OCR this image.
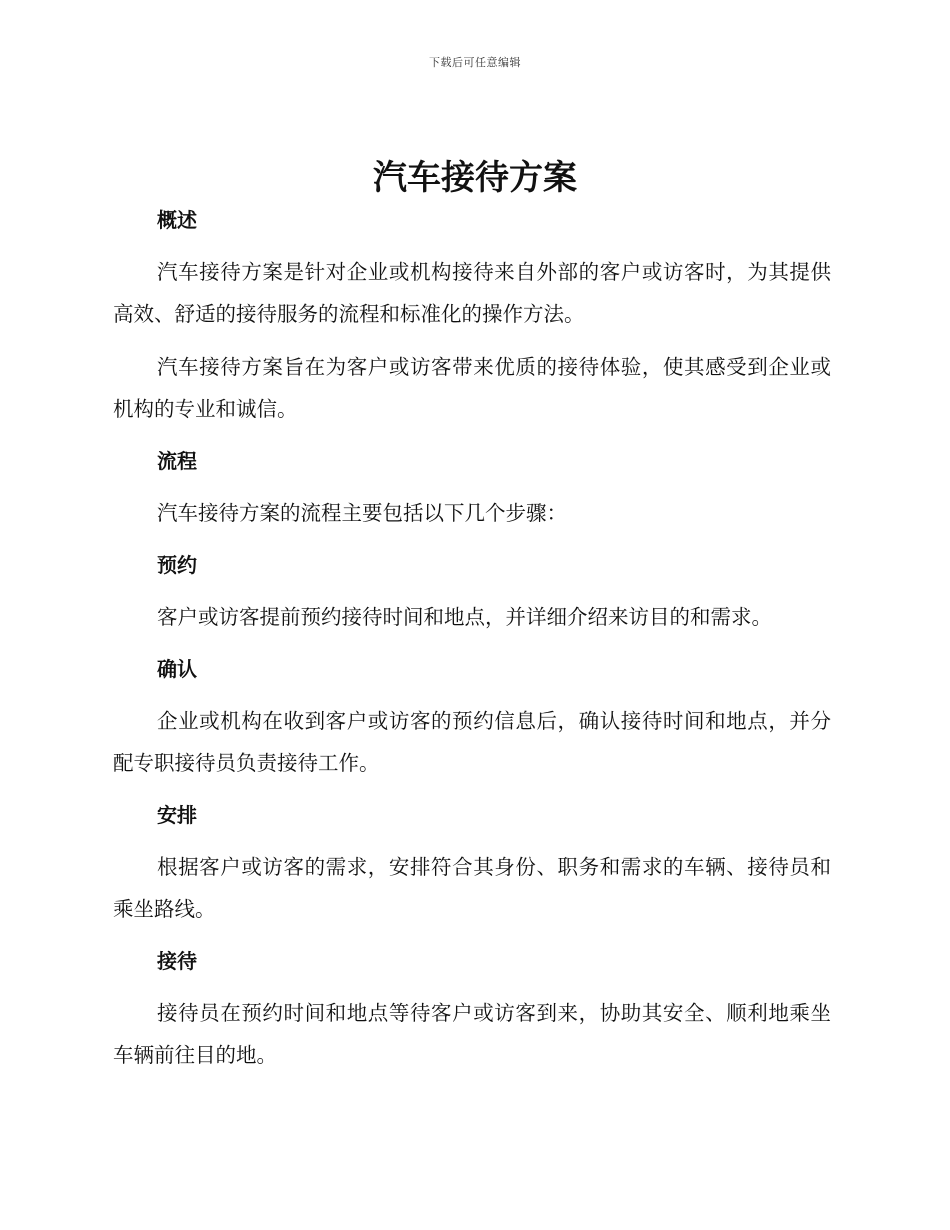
下载后可任意编辑
汽车接待方案
概述

汽车接待方案是针对企业或机构接待来自外部的客户或访客时，为其提供高效、舒适的接待服务的流程和标准化的操作方法。

汽车接待方案旨在为客户或访客带来优质的接待体验，使其感受到企业或机构的专业和诚信。

流程

汽车接待方案的流程主要包括以下几个步骤：

预约

客户或访客提前预约接待时间和地点，并详细介绍来访目的和需求。

确认

企业或机构在收到客户或访客的预约信息后，确认接待时间和地点，并分配专职接待员负责接待工作。

安排

根据客户或访客的需求，安排符合其身份、职务和需求的车辆、接待员和乘坐路线。

接待

接待员在预约时间和地点等待客户或访客到来，协助其安全、顺利地乘坐车辆前往目的地。
